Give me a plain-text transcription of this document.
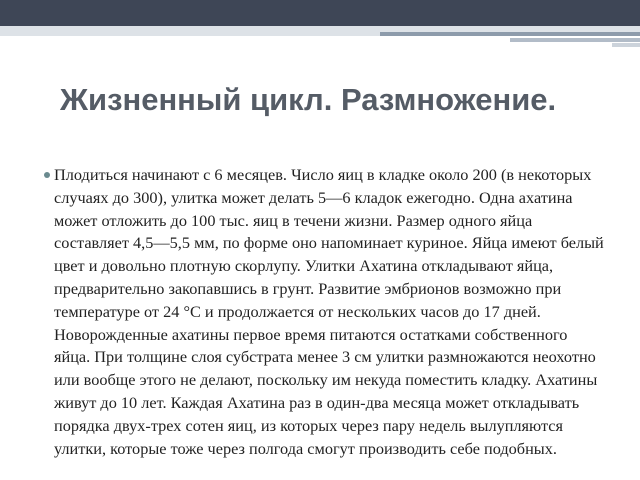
Жизненный цикл. Размножение.
Плодиться начинают с 6 месяцев. Число яиц в кладке около 200 (в некоторых случаях до 300), улитка может делать 5—6 кладок ежегодно. Одна ахатина может отложить до 100 тыс. яиц в течени жизни. Размер одного яйца составляет 4,5—5,5 мм, по форме оно напоминает куриное. Яйца имеют белый цвет и довольно плотную скорлупу. Улитки Ахатина откладывают яйца, предварительно закопавшись в грунт. Развитие эмбрионов возможно при температуре от 24 °С и продолжается от нескольких часов до 17 дней. Новорожденные ахатины первое время питаются остатками собственного яйца. При толщине слоя субстрата менее 3 см улитки размножаются неохотно или вообще этого не делают, поскольку им некуда поместить кладку. Ахатины живут до 10 лет. Каждая Ахатина раз в один-два месяца может откладывать порядка двух-трех сотен яиц, из которых через пару недель вылупляются улитки, которые тоже через полгода смогут производить себе подобных.
